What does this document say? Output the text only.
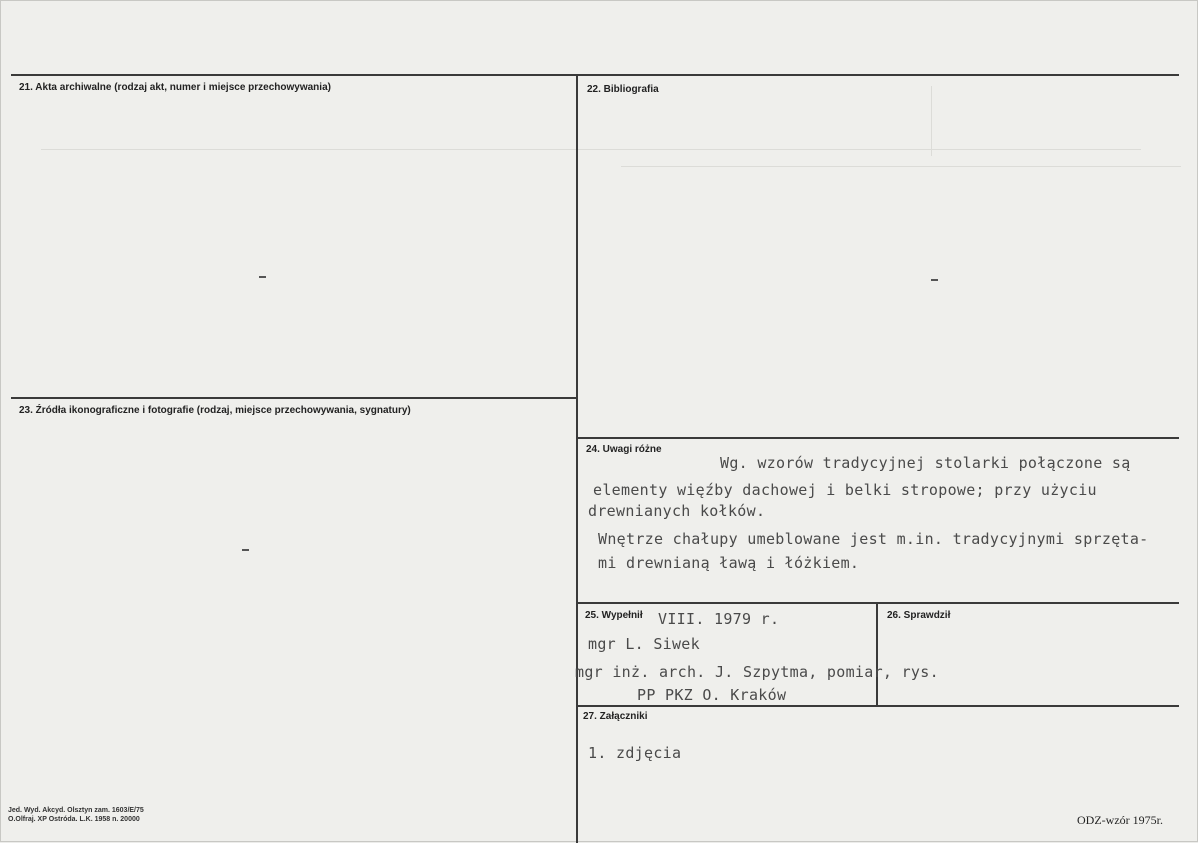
21. Akta archiwalne (rodzaj akt, numer i miejsce przechowywania)	22. Bibliografia
23. Źródła ikonograficzne i fotografie (rodzaj, miejsce przechowywania, sygnatury)
24. Uwagi różne
Wg. wzorów tradycyjnej stolarki połączone są
elementy więźby dachowej i belki stropowe; przy użyciu
drewnianych kołków.
Wnętrze chałupy umeblowane jest m.in. tradycyjnymi sprzęta-
mi drewnianą ławą i łóżkiem.
25. Wypełnił VIII. 1979 r.
mgr L. Siwek
mgr inż. arch. J. Szpytma, pomiar, rys.
PP PKZ O. Kraków
26. Sprawdził
27. Załączniki
1. zdjęcia
Jed. Wyd. Akcyd. Olsztyn zam. 1603/E/75
O.Olfraj. XP Ostróda. L.K. 1958 n. 20000	ODZ-wzór 1975r.
